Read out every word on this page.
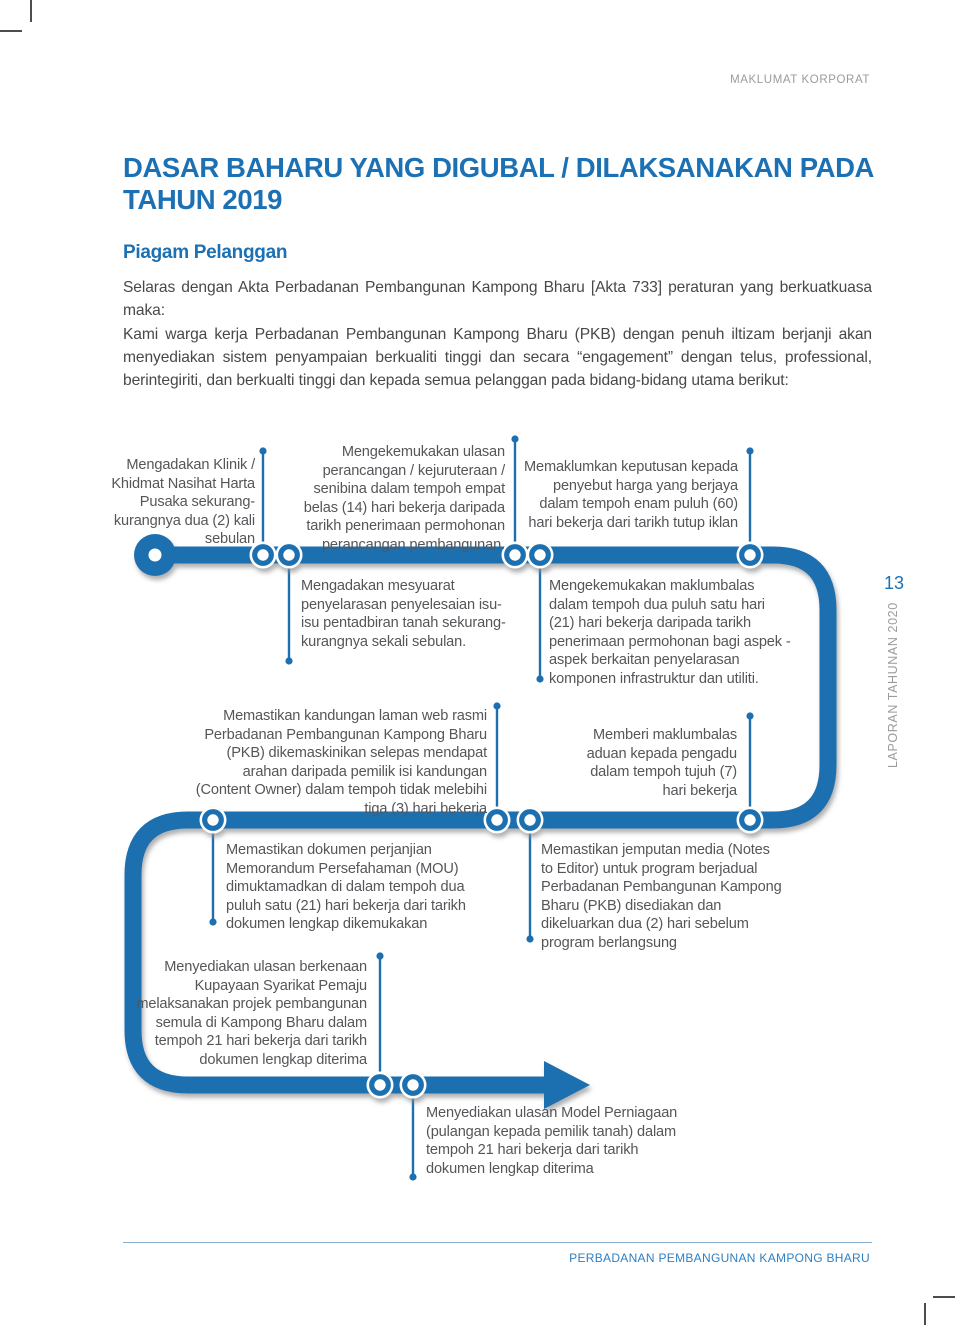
MAKLUMAT KORPORAT
DASAR BAHARU YANG DIGUBAL / DILAKSANAKAN PADA TAHUN 2019
Piagam Pelanggan

Selaras dengan Akta Perbadanan Pembangunan Kampong Bharu [Akta 733] peraturan yang berkuatkuasa maka:

Kami warga kerja Perbadanan Pembangunan Kampong Bharu (PKB) dengan penuh iltizam berjanji akan menyediakan sistem penyampaian berkualiti tinggi dan secara “engagement” dengan telus, professional, berintegiriti, dan berkualti tinggi dan kepada semua pelanggan pada bidang-bidang utama berikut:

Mengadakan Klinik / Khidmat Nasihat Harta Pusaka sekurang-kurangnya dua (2) kali sebulan
Mengekemukakan ulasan perancangan / kejuruteraan / senibina dalam tempoh empat belas (14) hari bekerja daripada tarikh penerimaan permohonan perancangan pembangunan.
Memaklumkan keputusan kepada penyebut harga yang berjaya dalam tempoh enam puluh (60) hari bekerja dari tarikh tutup iklan
Mengadakan mesyuarat penyelarasan penyelesaian isu-isu pentadbiran tanah sekurang-kurangnya sekali sebulan.
Mengekemukakan maklumbalas dalam tempoh dua puluh satu hari (21) hari bekerja daripada tarikh penerimaan permohonan bagi aspek - aspek berkaitan penyelarasan komponen infrastruktur dan utiliti.
Memastikan kandungan laman web rasmi Perbadanan Pembangunan Kampong Bharu (PKB) dikemaskinikan selepas mendapat arahan daripada pemilik isi kandungan (Content Owner) dalam tempoh tidak melebihi tiga (3) hari bekerja
Memberi maklumbalas aduan kepada pengadu dalam tempoh tujuh (7) hari bekerja
Memastikan dokumen perjanjian Memorandum Persefahaman (MOU) dimuktamadkan di dalam tempoh dua puluh satu (21) hari bekerja dari tarikh dokumen lengkap dikemukakan
Memastikan jemputan media (Notes to Editor) untuk program berjadual Perbadanan Pembangunan Kampong Bharu (PKB) disediakan dan dikeluarkan dua (2) hari sebelum program berlangsung
Menyediakan ulasan berkenaan Kupayaan Syarikat Pemaju melaksanakan projek pembangunan semula di Kampong Bharu dalam tempoh 21 hari bekerja dari tarikh dokumen lengkap diterima
Menyediakan ulasan Model Perniagaan (pulangan kepada pemilik tanah) dalam tempoh 21 hari bekerja dari tarikh dokumen lengkap diterima
13
LAPORAN TAHUNAN 2020
PERBADANAN PEMBANGUNAN KAMPONG BHARU
